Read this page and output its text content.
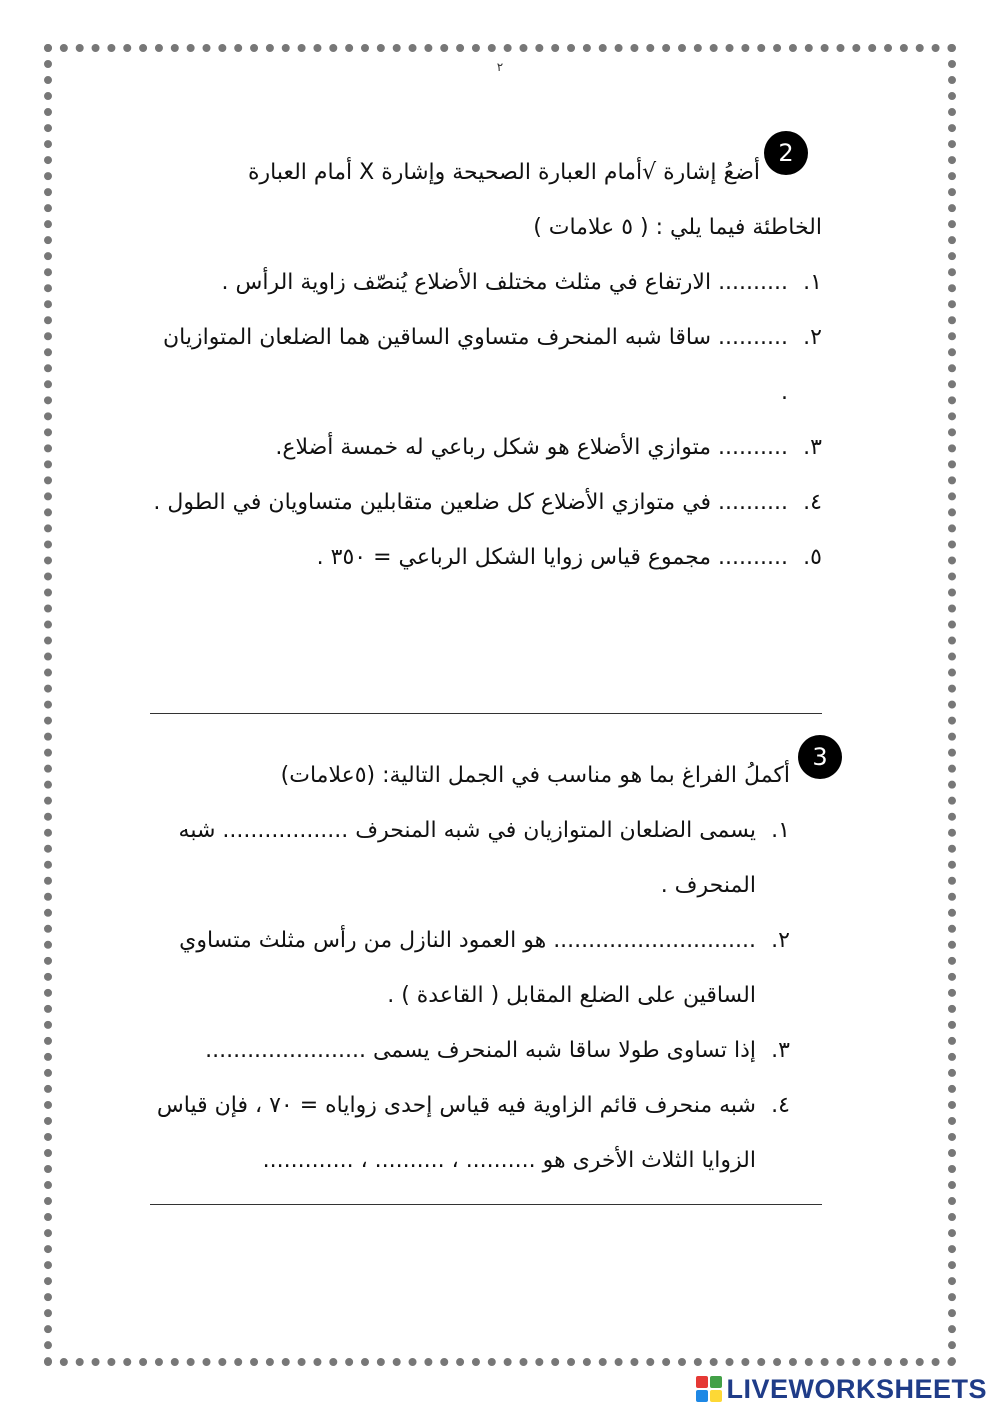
٢
2
أضعُ إشارة √أمام العبارة الصحيحة وإشارة X أمام العبارة
الخاطئة فيما يلي : ( ٥ علامات )
١.
.......... الارتفاع في مثلث مختلف الأضلاع يُنصّف زاوية الرأس .
٢.
.......... ساقا شبه المنحرف متساوي الساقين هما الضلعان المتوازيان .
٣.
.......... متوازي الأضلاع هو شكل رباعي له خمسة أضلاع.
٤.
.......... في متوازي الأضلاع كل ضلعين متقابلين متساويان في الطول .
٥.
.......... مجموع قياس زوايا الشكل الرباعي = ٣٥٠ .
3
أكملُ الفراغ بما هو مناسب في الجمل التالية: (٥علامات)
١.
يسمى الضلعان المتوازيان في شبه المنحرف .................. شبه المنحرف .
٢.
............................. هو العمود النازل من رأس مثلث متساوي الساقين على الضلع المقابل ( القاعدة ) .
٣.
إذا تساوى طولا ساقا شبه المنحرف يسمى .......................
٤.
شبه منحرف قائم الزاوية فيه قياس إحدى زواياه = ٧٠ ، فإن قياس الزوايا الثلاث الأخرى هو .......... ، .......... ، .............
LIVEWORKSHEETS
